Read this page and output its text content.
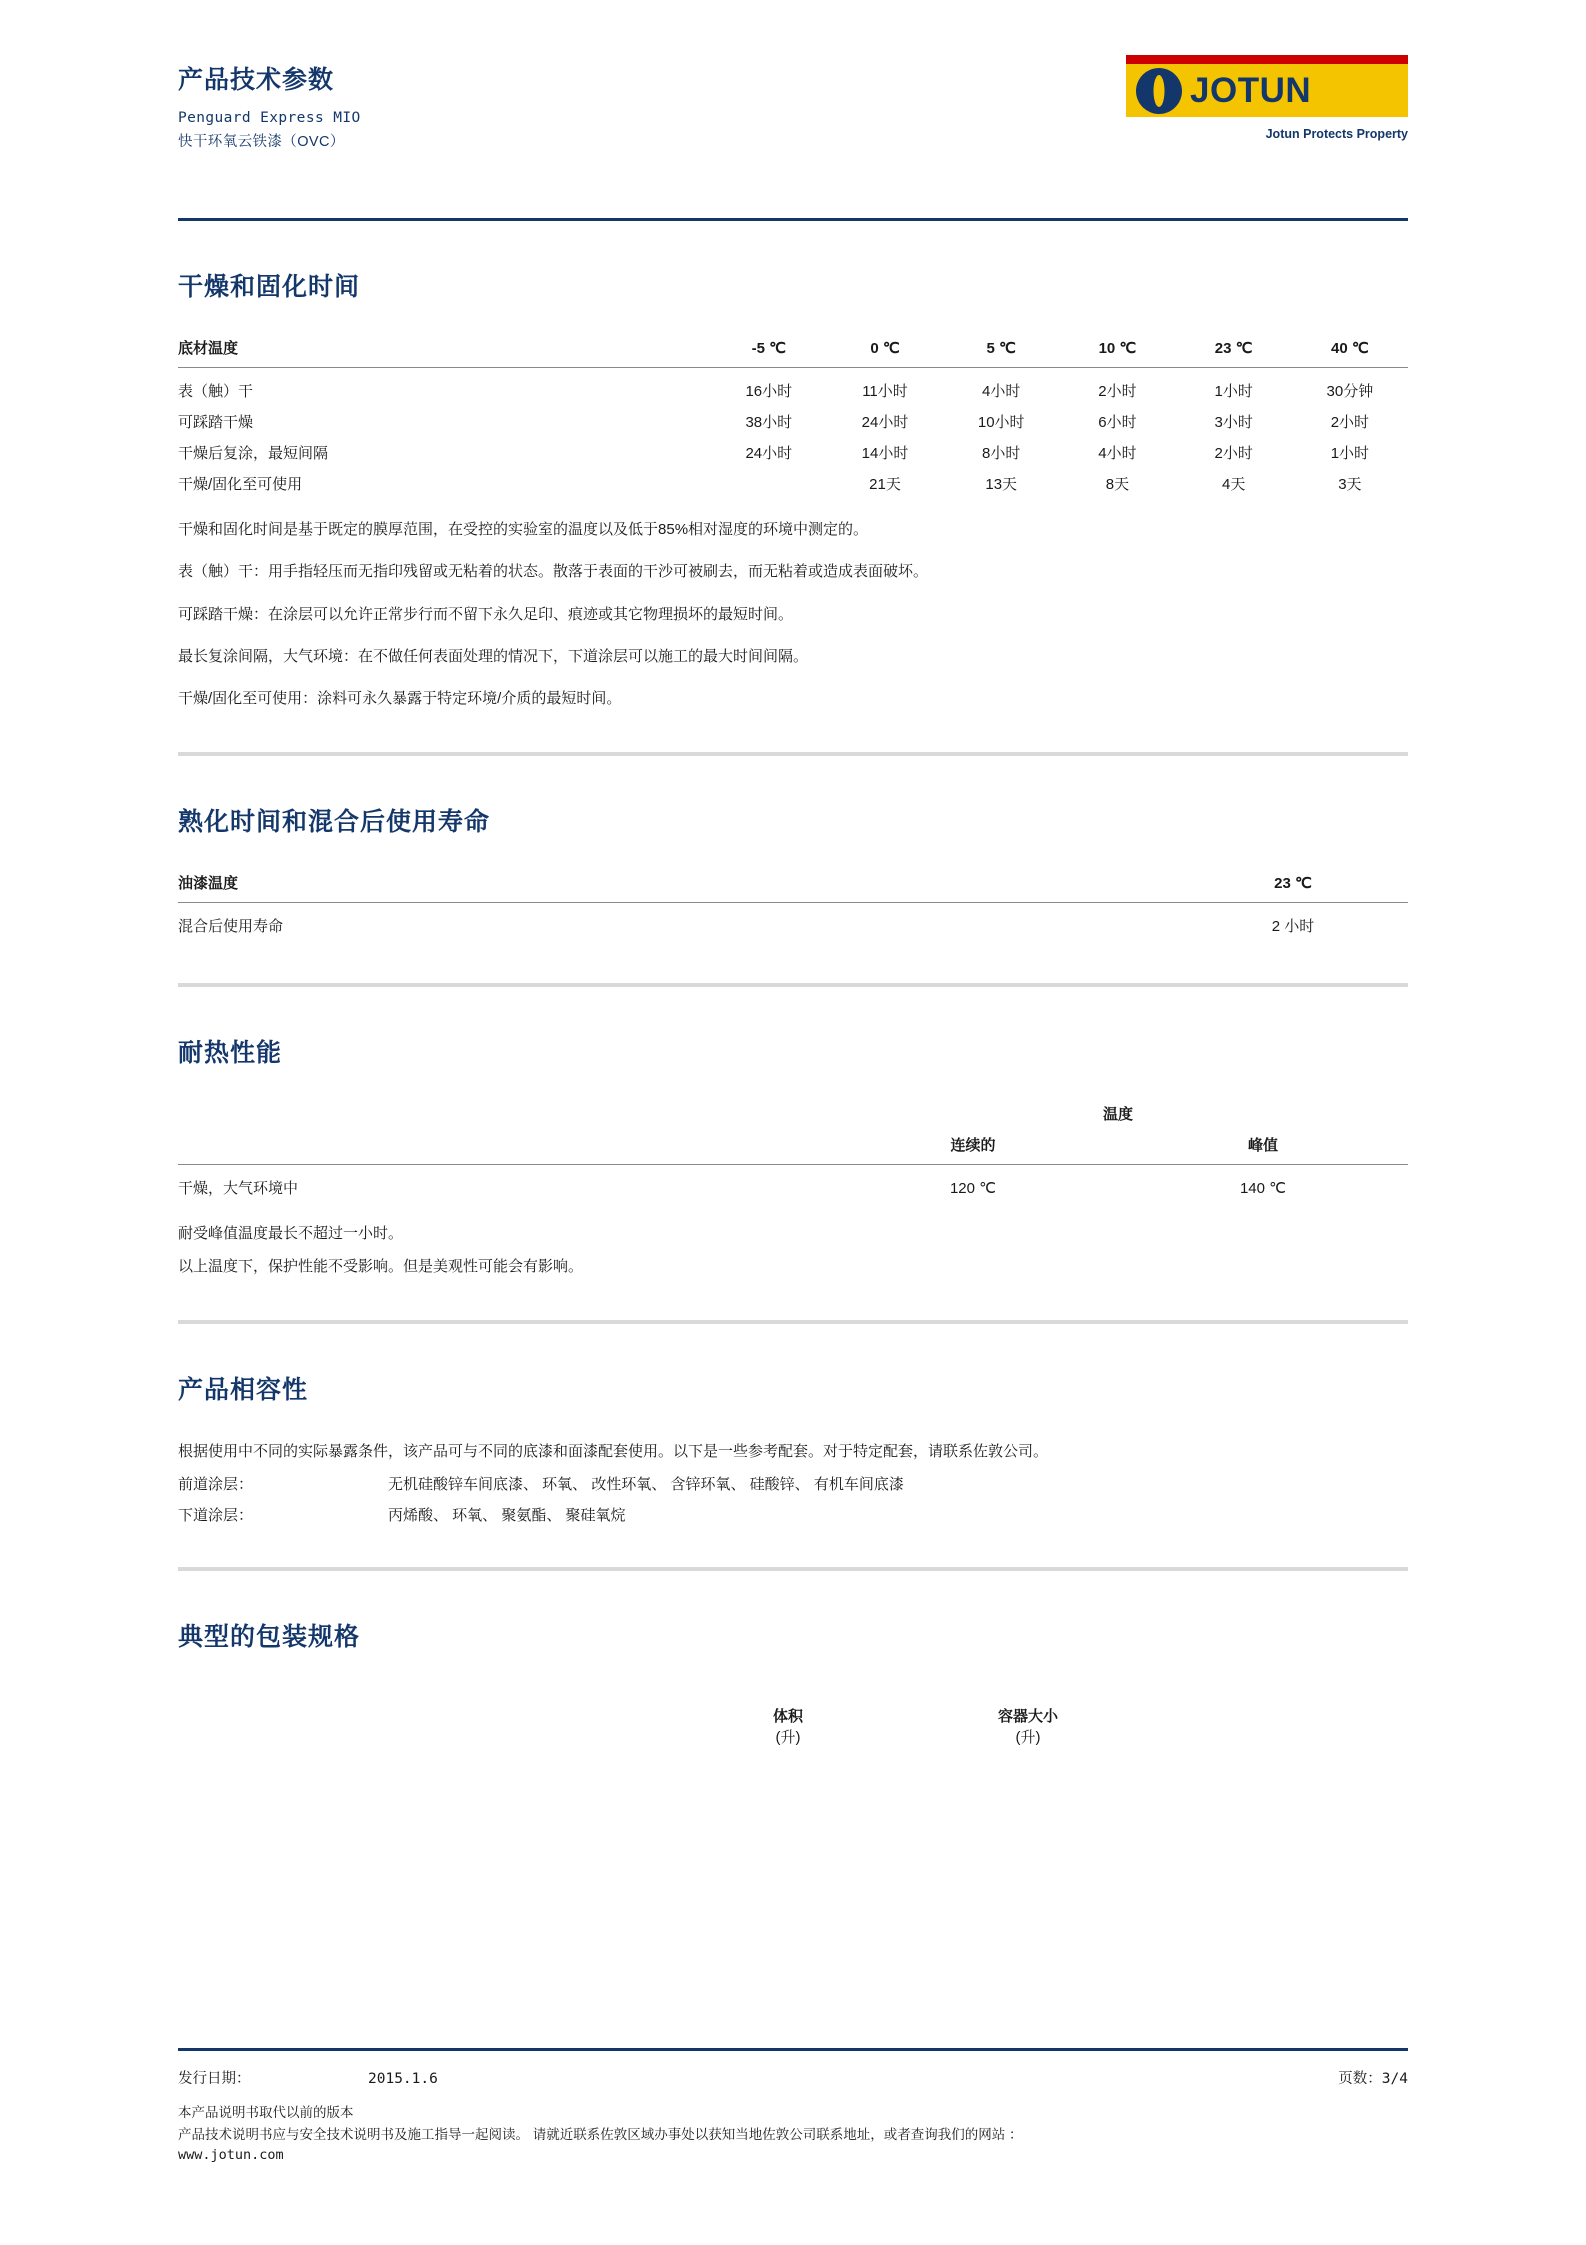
产品技术参数

Penguard Express MIO

快干环氧云铁漆（OVC）

JOTUN
Jotun Protects Property
干燥和固化时间
底材温度	-5 ℃	0 ℃	5 ℃	10 ℃	23 ℃	40 ℃
表（触）干	16小时	11小时	4小时	2小时	1小时	30分钟
可踩踏干燥	38小时	24小时	10小时	6小时	3小时	2小时
干燥后复涂，最短间隔	24小时	14小时	8小时	4小时	2小时	1小时
干燥/固化至可使用		21天	13天	8天	4天	3天

干燥和固化时间是基于既定的膜厚范围，在受控的实验室的温度以及低于85%相对湿度的环境中测定的。

表（触）干：用手指轻压而无指印残留或无粘着的状态。散落于表面的干沙可被刷去，而无粘着或造成表面破坏。

可踩踏干燥：在涂层可以允许正常步行而不留下永久足印、痕迹或其它物理损坏的最短时间。

最长复涂间隔，大气环境：在不做任何表面处理的情况下，下道涂层可以施工的最大时间间隔。

干燥/固化至可使用：涂料可永久暴露于特定环境/介质的最短时间。

熟化时间和混合后使用寿命
油漆温度	23 ℃
混合后使用寿命	2 小时
耐热性能
	温度	
	连续的	峰值
干燥，大气环境中	120 ℃	140 ℃

耐受峰值温度最长不超过一小时。

以上温度下，保护性能不受影响。但是美观性可能会有影响。

产品相容性

根据使用中不同的实际暴露条件，该产品可与不同的底漆和面漆配套使用。以下是一些参考配套。对于特定配套，请联系佐敦公司。

前道涂层：	无机硅酸锌车间底漆、 环氧、 改性环氧、 含锌环氧、 硅酸锌、 有机车间底漆
下道涂层：	丙烯酸、 环氧、 聚氨酯、 聚硅氧烷
典型的包装规格
体积
(升)
容器大小
(升)
发行日期：	2015.1.6	页数：3/4

本产品说明书取代以前的版本

产品技术说明书应与安全技术说明书及施工指导一起阅读。 请就近联系佐敦区域办事处以获知当地佐敦公司联系地址，或者查询我们的网站 ：

www.jotun.com
